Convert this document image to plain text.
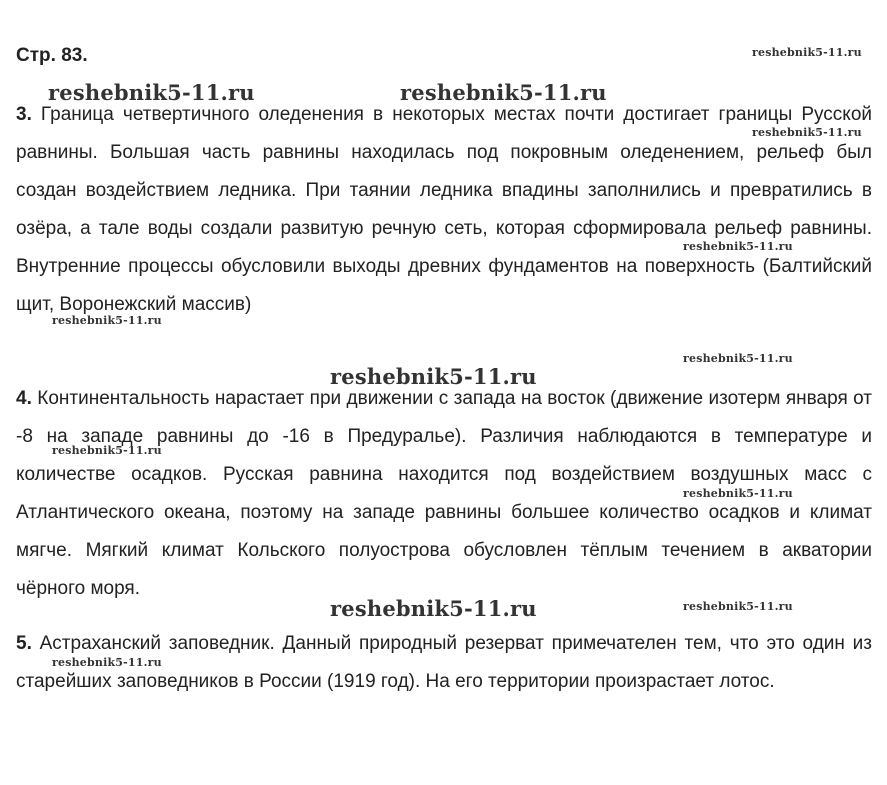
Стр. 83.
3. Граница четвертичного оледенения в некоторых местах почти достигает границы Русской равнины. Большая часть равнины находилась под покровным оледенением, рельеф был создан воздействием ледника. При таянии ледника впадины заполнились и превратились в озёра, а тале воды создали развитую речную сеть, которая сформировала рельеф равнины. Внутренние процессы обусловили выходы древних фундаментов на поверхность (Балтийский щит, Воронежский массив)
4. Континентальность нарастает при движении с запада на восток (движение изотерм января от -8 на западе равнины до -16 в Предуралье). Различия наблюдаются в температуре и количестве осадков. Русская равнина находится под воздействием воздушных масс с Атлантического океана, поэтому на западе равнины большее количество осадков и климат мягче. Мягкий климат Кольского полуострова обусловлен тёплым течением в акватории чёрного моря.
5. Астраханский заповедник. Данный природный резерват примечателен тем, что это один из старейших заповедников в России (1919 год). На его территории произрастает лотос.
reshebnik5-11.ru
reshebnik5-11.ru	reshebnik5-11.ru
reshebnik5-11.ru
reshebnik5-11.ru
reshebnik5-11.ru
reshebnik5-11.ru
reshebnik5-11.ru
reshebnik5-11.ru
reshebnik5-11.ru
reshebnik5-11.ru	reshebnik5-11.ru
reshebnik5-11.ru
